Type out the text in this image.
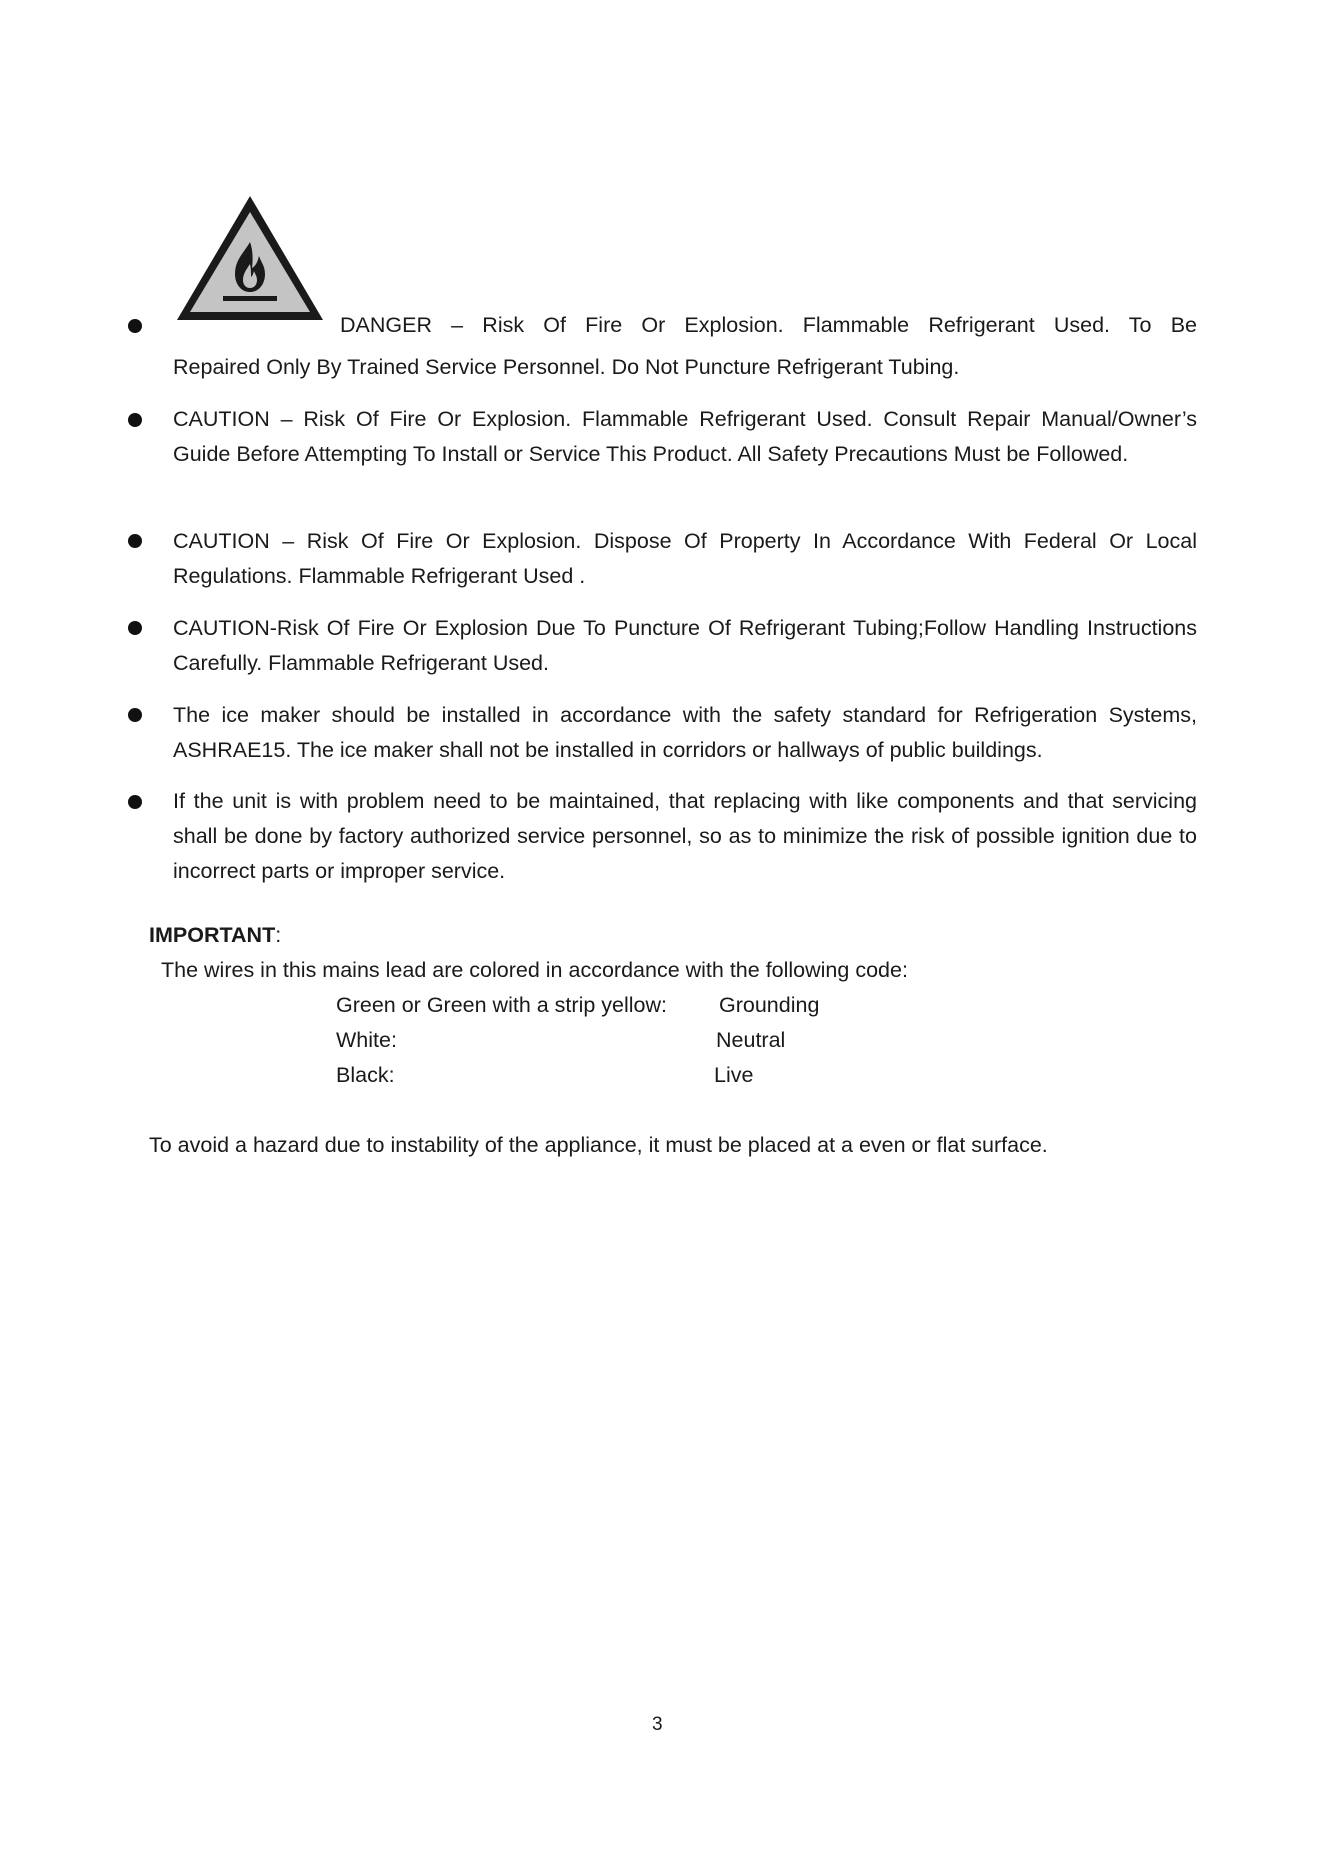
DANGER – Risk Of Fire Or Explosion. Flammable Refrigerant Used. To Be
Repaired Only By Trained Service Personnel. Do Not Puncture Refrigerant Tubing.
CAUTION – Risk Of Fire Or Explosion. Flammable Refrigerant Used. Consult Repair Manual/Owner’s Guide Before Attempting To Install or Service This Product. All Safety Precautions Must be Followed.
CAUTION – Risk Of Fire Or Explosion. Dispose Of Property In Accordance With Federal Or Local Regulations. Flammable Refrigerant Used .
CAUTION-Risk Of Fire Or Explosion Due To Puncture Of Refrigerant Tubing;Follow Handling Instructions Carefully. Flammable Refrigerant Used.
The ice maker should be installed in accordance with the safety standard for Refrigeration Systems, ASHRAE15. The ice maker shall not be installed in corridors or hallways of public buildings.
If the unit is with problem need to be maintained, that replacing with like components and that servicing shall be done by factory authorized service personnel, so as to minimize the risk of possible ignition due to incorrect parts or improper service.
IMPORTANT:
The wires in this mains lead are colored in accordance with the following code:
Green or Green with a strip yellow: Grounding
White:	Neutral
Black:	Live
To avoid a hazard due to instability of the appliance, it must be placed at a even or flat surface.
3
